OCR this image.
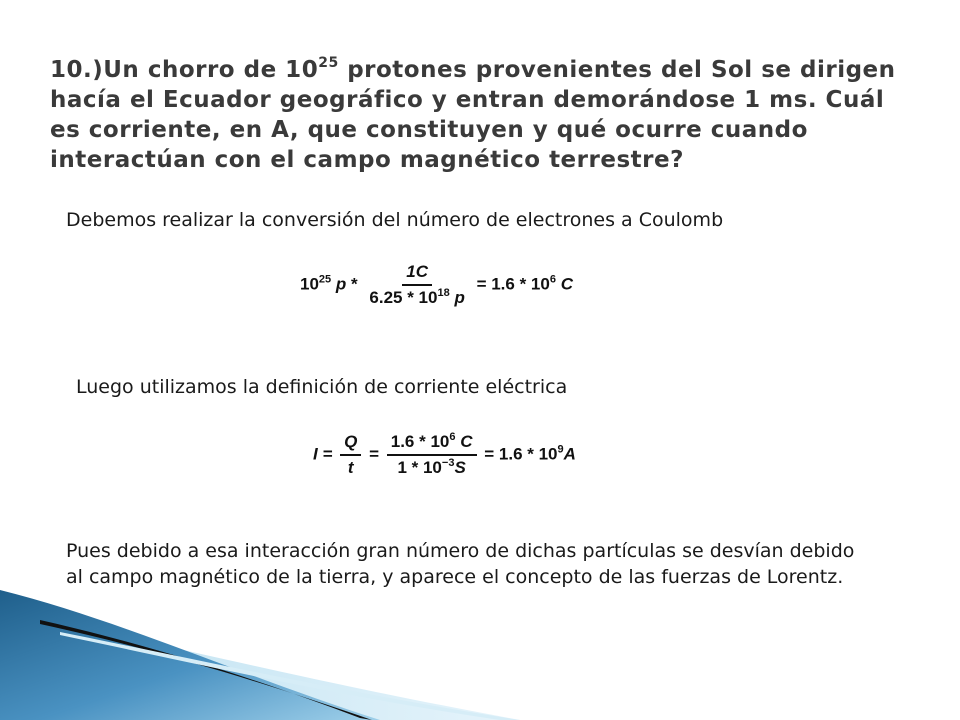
10.)Un chorro de $10^{25}$ protones provenientes del Sol se dirigen hacía el Ecuador geográfico y entran demorándose 1 ms. Cuál es corriente, en A, que constituyen y qué ocurre cuando interactúan con el campo magnético terrestre?
Debemos realizar la conversión del número de electrones a Coulomb
$10^{25}$ $p * \frac{1C}{6.25 * 10^{18} p} = 1.6 * 10^6$ C
Luego utilizamos la definición de corriente eléctrica
$I = \frac{Q}{t} = \frac{1.6 * 10^6 C}{1 * 10^{-3}S} = 1.6 * 10^9A$
Pues debido a esa interacción gran número de dichas partículas se desvían debido al campo magnético de la tierra, y aparece el concepto de las fuerzas de Lorentz.
